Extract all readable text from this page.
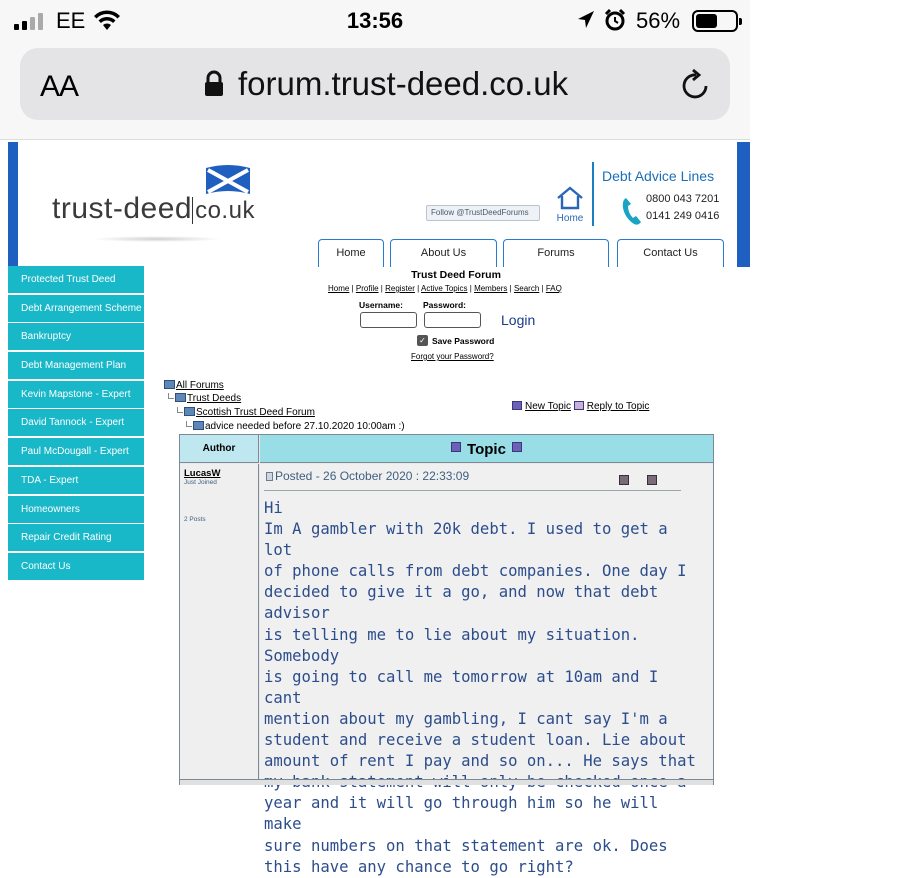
EE	13:56	56%
AA	forum.trust-deed.co.uk
trust-deed co.uk	Follow @TrustDeedForums
Home
Debt Advice Lines
0800 043 7201
0141 249 0416
Home	About Us	Forums	Contact Us
Protected Trust Deed
Debt Arrangement Scheme
Bankruptcy
Debt Management Plan
Kevin Mapstone - Expert
David Tannock - Expert
Paul McDougall - Expert
TDA - Expert
Homeowners
Repair Credit Rating
Contact Us
Trust Deed Forum
Home | Profile | Register | Active Topics | Members | Search | FAQ
Username: Password:
Login
✓ Save Password
Forgot your Password?
All Forums
Trust Deeds
Scottish Trust Deed Forum
advice needed before 27.10.2020 10:00am :)
New Topic Reply to Topic
Author	Topic
LucasW
Just Joined
2 Posts
Posted - 26 October 2020 : 22:33:09
Hi
Im A gambler with 20k debt. I used to get a lot
of phone calls from debt companies. One day I
decided to give it a go, and now that debt advisor
is telling me to lie about my situation. Somebody
is going to call me tomorrow at 10am and I cant
mention about my gambling, I cant say I'm a
student and receive a student loan. Lie about
amount of rent I pay and so on... He says that
year and it will go through him so he will make
sure numbers on that statement are ok. Does
this have any chance to go right?
